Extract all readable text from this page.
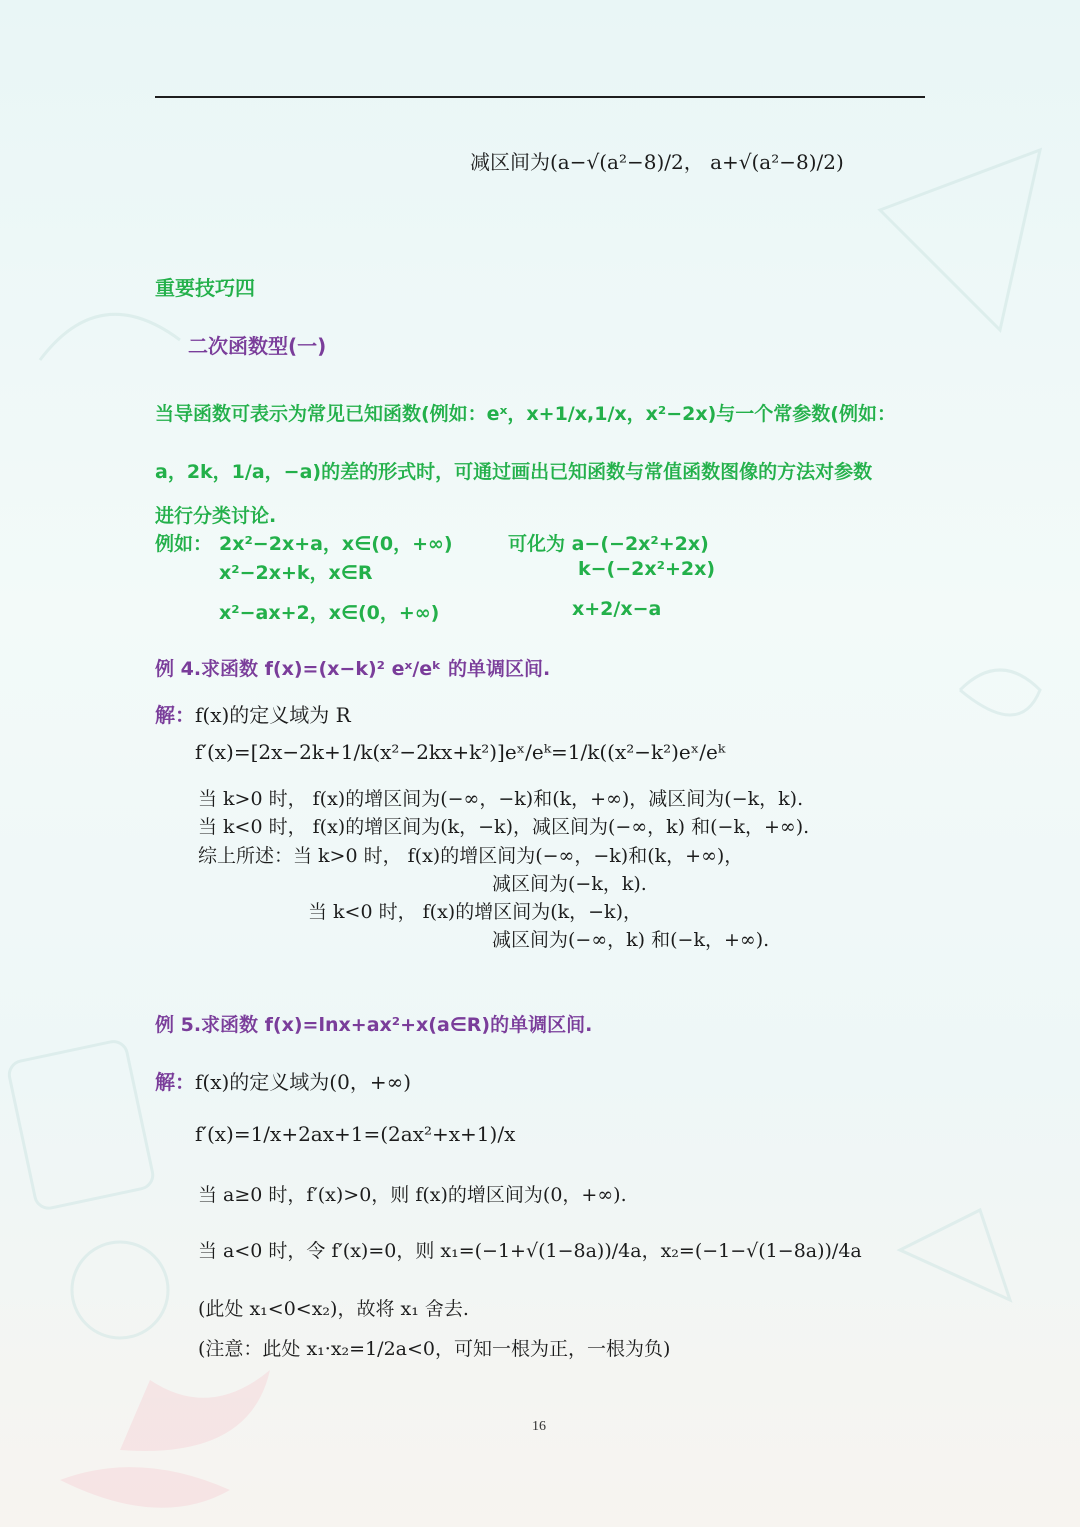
减区间为(a−√(a²−8)/2， a+√(a²−8)/2)
重要技巧四
二次函数型(一)
当导函数可表示为常见已知函数(例如：eˣ，x+1/x,1/x，x²−2x)与一个常参数(例如：
a，2k，1/a，−a)的差的形式时，可通过画出已知函数与常值函数图像的方法对参数
进行分类讨论.
例如： 2x²−2x+a，x∈(0，+∞)	可化为 a−(−2x²+2x)
x²−2x+k，x∈R	k−(−2x²+2x)
x²−ax+2，x∈(0，+∞)	x+2/x−a
例 4.求函数 f(x)=(x−k)² eˣ/eᵏ 的单调区间.
解：f(x)的定义域为 R
f′(x)=[2x−2k+1/k(x²−2kx+k²)]eˣ/eᵏ=1/k((x²−k²)eˣ/eᵏ
当 k>0 时， f(x)的增区间为(−∞，−k)和(k，+∞)，减区间为(−k，k).
当 k<0 时， f(x)的增区间为(k，−k)，减区间为(−∞，k) 和(−k，+∞).
综上所述：当 k>0 时， f(x)的增区间为(−∞，−k)和(k，+∞)，
减区间为(−k，k).
当 k<0 时， f(x)的增区间为(k，−k)，
减区间为(−∞，k) 和(−k，+∞).
例 5.求函数 f(x)=lnx+ax²+x(a∈R)的单调区间.
解：f(x)的定义域为(0，+∞)
f′(x)=1/x+2ax+1=(2ax²+x+1)/x
当 a≥0 时，f′(x)>0，则 f(x)的增区间为(0，+∞).
当 a<0 时，令 f′(x)=0，则 x₁=(−1+√(1−8a))/4a，x₂=(−1−√(1−8a))/4a
(此处 x₁<0<x₂)，故将 x₁ 舍去.
(注意：此处 x₁·x₂=1/2a<0，可知一根为正，一根为负)
16
